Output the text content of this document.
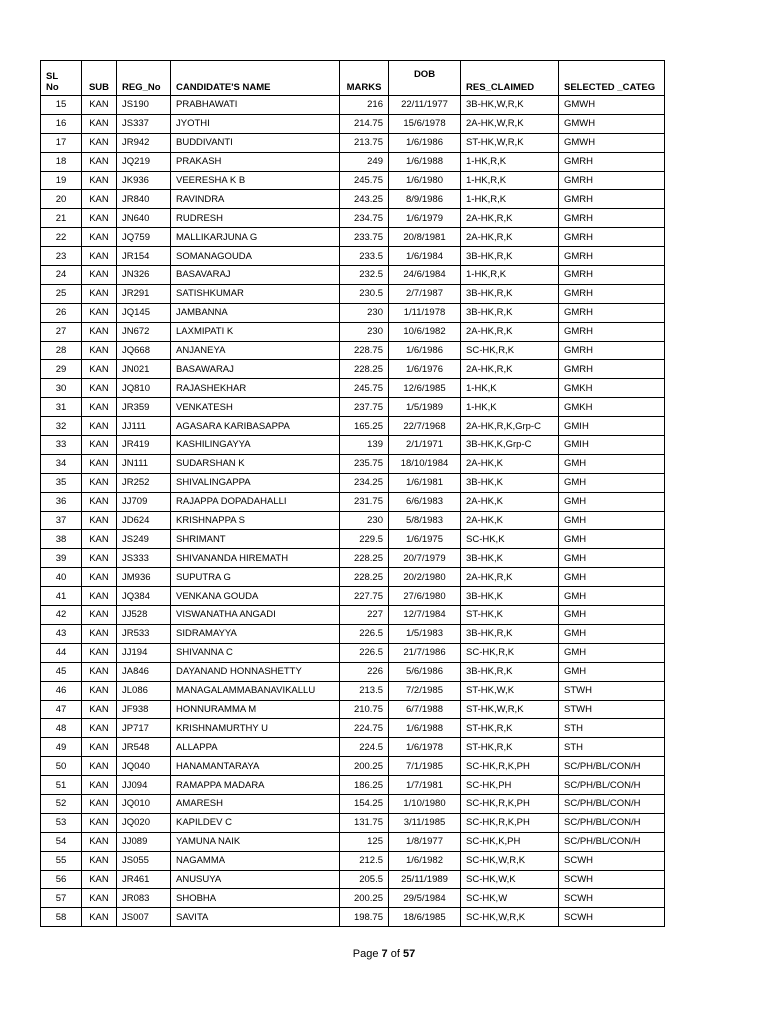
SL
No	SUB	REG_No	CANDIDATE'S NAME	MARKS	DOB	RES_CLAIMED	SELECTED _CATEG
15	KAN	JS190	PRABHAWATI	216	22/11/1977	3B-HK,W,R,K	GMWH
16	KAN	JS337	JYOTHI	214.75	15/6/1978	2A-HK,W,R,K	GMWH
17	KAN	JR942	BUDDIVANTI	213.75	1/6/1986	ST-HK,W,R,K	GMWH
18	KAN	JQ219	PRAKASH	249	1/6/1988	1-HK,R,K	GMRH
19	KAN	JK936	VEERESHA K B	245.75	1/6/1980	1-HK,R,K	GMRH
20	KAN	JR840	RAVINDRA	243.25	8/9/1986	1-HK,R,K	GMRH
21	KAN	JN640	RUDRESH	234.75	1/6/1979	2A-HK,R,K	GMRH
22	KAN	JQ759	MALLIKARJUNA G	233.75	20/8/1981	2A-HK,R,K	GMRH
23	KAN	JR154	SOMANAGOUDA	233.5	1/6/1984	3B-HK,R,K	GMRH
24	KAN	JN326	BASAVARAJ	232.5	24/6/1984	1-HK,R,K	GMRH
25	KAN	JR291	SATISHKUMAR	230.5	2/7/1987	3B-HK,R,K	GMRH
26	KAN	JQ145	JAMBANNA	230	1/11/1978	3B-HK,R,K	GMRH
27	KAN	JN672	LAXMIPATI K	230	10/6/1982	2A-HK,R,K	GMRH
28	KAN	JQ668	ANJANEYA	228.75	1/6/1986	SC-HK,R,K	GMRH
29	KAN	JN021	BASAWARAJ	228.25	1/6/1976	2A-HK,R,K	GMRH
30	KAN	JQ810	RAJASHEKHAR	245.75	12/6/1985	1-HK,K	GMKH
31	KAN	JR359	VENKATESH	237.75	1/5/1989	1-HK,K	GMKH
32	KAN	JJ111	AGASARA KARIBASAPPA	165.25	22/7/1968	2A-HK,R,K,Grp-C	GMIH
33	KAN	JR419	KASHILINGAYYA	139	2/1/1971	3B-HK,K,Grp-C	GMIH
34	KAN	JN111	SUDARSHAN K	235.75	18/10/1984	2A-HK,K	GMH
35	KAN	JR252	SHIVALINGAPPA	234.25	1/6/1981	3B-HK,K	GMH
36	KAN	JJ709	RAJAPPA DOPADAHALLI	231.75	6/6/1983	2A-HK,K	GMH
37	KAN	JD624	KRISHNAPPA S	230	5/8/1983	2A-HK,K	GMH
38	KAN	JS249	SHRIMANT	229.5	1/6/1975	SC-HK,K	GMH
39	KAN	JS333	SHIVANANDA HIREMATH	228.25	20/7/1979	3B-HK,K	GMH
40	KAN	JM936	SUPUTRA G	228.25	20/2/1980	2A-HK,R,K	GMH
41	KAN	JQ384	VENKANA GOUDA	227.75	27/6/1980	3B-HK,K	GMH
42	KAN	JJ528	VISWANATHA ANGADI	227	12/7/1984	ST-HK,K	GMH
43	KAN	JR533	SIDRAMAYYA	226.5	1/5/1983	3B-HK,R,K	GMH
44	KAN	JJ194	SHIVANNA C	226.5	21/7/1986	SC-HK,R,K	GMH
45	KAN	JA846	DAYANAND HONNASHETTY	226	5/6/1986	3B-HK,R,K	GMH
46	KAN	JL086	MANAGALAMMABANAVIKALLU	213.5	7/2/1985	ST-HK,W,K	STWH
47	KAN	JF938	HONNURAMMA M	210.75	6/7/1988	ST-HK,W,R,K	STWH
48	KAN	JP717	KRISHNAMURTHY U	224.75	1/6/1988	ST-HK,R,K	STH
49	KAN	JR548	ALLAPPA	224.5	1/6/1978	ST-HK,R,K	STH
50	KAN	JQ040	HANAMANTARAYA	200.25	7/1/1985	SC-HK,R,K,PH	SC/PH/BL/CON/H
51	KAN	JJ094	RAMAPPA MADARA	186.25	1/7/1981	SC-HK,PH	SC/PH/BL/CON/H
52	KAN	JQ010	AMARESH	154.25	1/10/1980	SC-HK,R,K,PH	SC/PH/BL/CON/H
53	KAN	JQ020	KAPILDEV C	131.75	3/11/1985	SC-HK,R,K,PH	SC/PH/BL/CON/H
54	KAN	JJ089	YAMUNA NAIK	125	1/8/1977	SC-HK,K,PH	SC/PH/BL/CON/H
55	KAN	JS055	NAGAMMA	212.5	1/6/1982	SC-HK,W,R,K	SCWH
56	KAN	JR461	ANUSUYA	205.5	25/11/1989	SC-HK,W,K	SCWH
57	KAN	JR083	SHOBHA	200.25	29/5/1984	SC-HK,W	SCWH
58	KAN	JS007	SAVITA	198.75	18/6/1985	SC-HK,W,R,K	SCWH
Page 7 of 57
